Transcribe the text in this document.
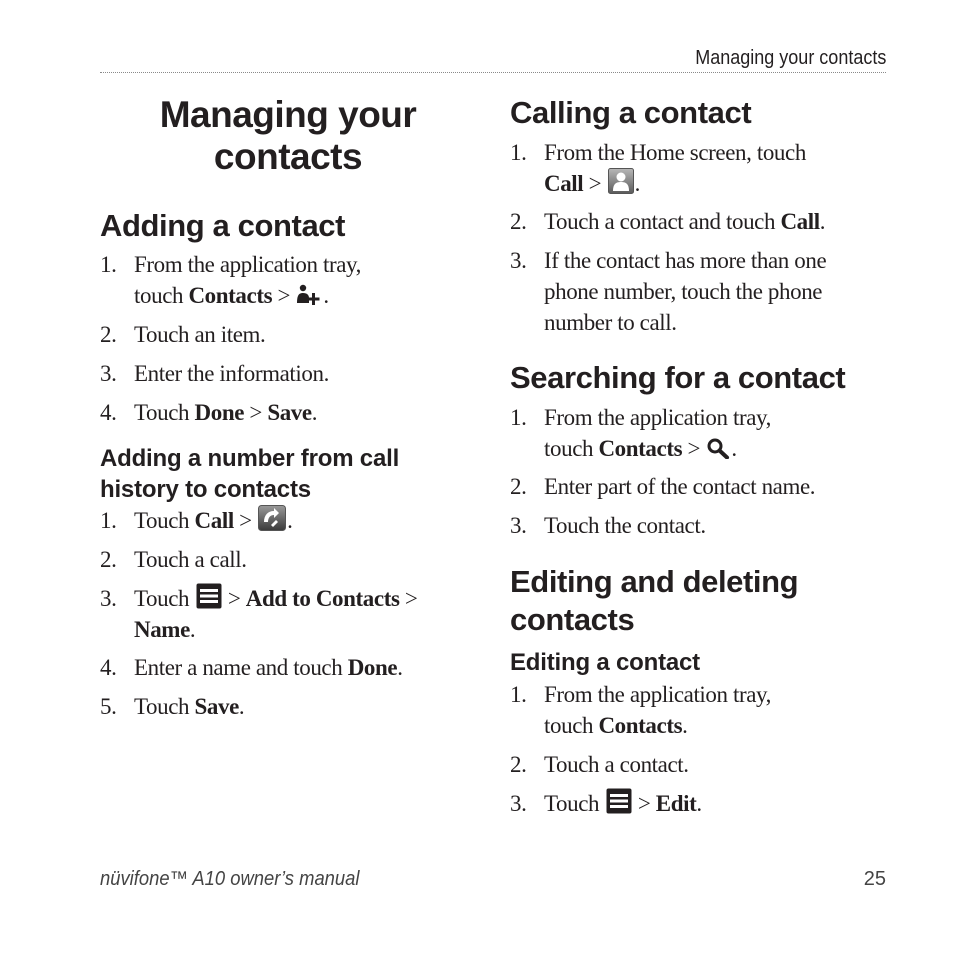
Managing your contacts
Managing your
contacts
Adding a contact
1. From the application tray,
touch Contacts >
.
2. Touch an item.
3. Enter the information.
4. Touch Done > Save.
Adding a number from call
history to contacts
1. Touch Call >
.
2. Touch a call.
3. Touch
> Add to Contacts >
Name.
4. Enter a name and touch Done.
5. Touch Save.
Calling a contact
1. From the Home screen, touch
Call >
.
2. Touch a contact and touch Call.
3. If the contact has more than one
phone number, touch the phone
number to call.
Searching for a contact
1. From the application tray,
touch Contacts >
.
2. Enter part of the contact name.
3. Touch the contact.
Editing and deleting
contacts
Editing a contact
1. From the application tray,
touch Contacts.
2. Touch a contact.
3. Touch
> Edit.
nüvifone™ A10 owner’s manual	25
